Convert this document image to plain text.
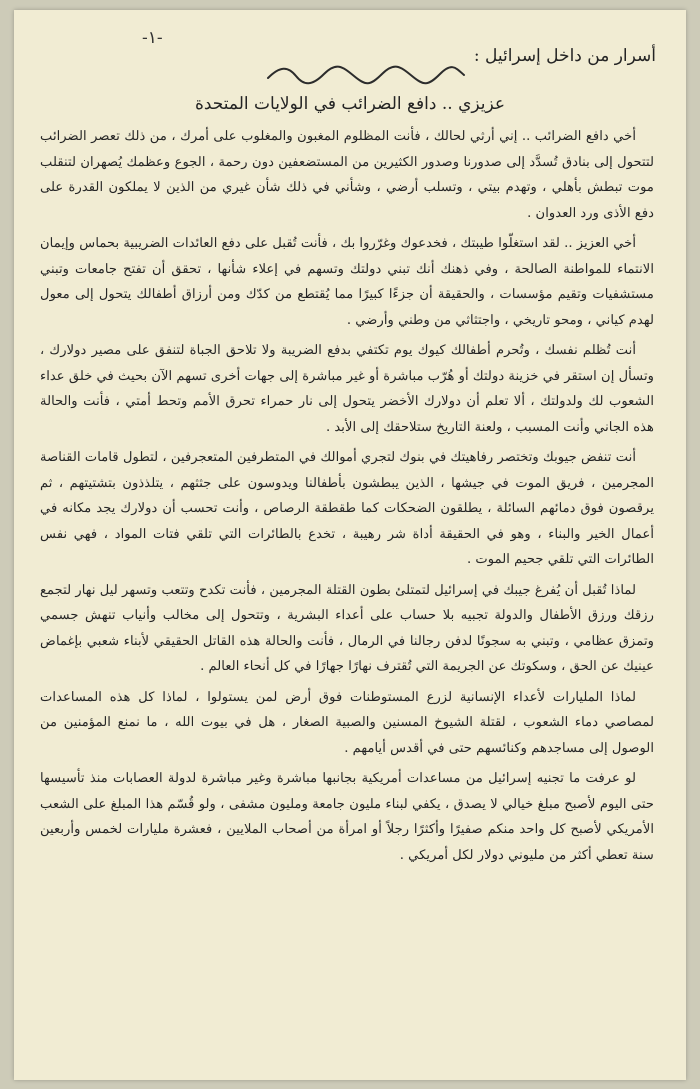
-١-
أسرار من داخل إسرائيل :
عزيزي .. دافع الضرائب في الولايات المتحدة

أخي دافع الضرائب .. إني أرثي لحالك ، فأنت المظلوم المغبون والمغلوب على أمرك ، من ذلك تعصر الضرائب لتتحول إلى بنادق تُسدَّد إلى صدورنا وصدور الكثيرين من المستضعفين دون رحمة ، الجوع وعظمك يُصهران لتنقلب موت تبطش بأهلي ، وتهدم بيتي ، وتسلب أرضي ، وشأني في ذلك شأن غيري من الذين لا يملكون القدرة على دفع الأذى ورد العدوان .

أخي العزيز .. لقد استغلّوا طيبتك ، فخدعوك وغرّروا بك ، فأنت تُقبل على دفع العائدات الضريبية بحماس وإيمان الانتماء للمواطنة الصالحة ، وفي ذهنك أنك تبني دولتك وتسهم في إعلاء شأنها ، تحقق أن تفتح جامعات وتبني مستشفيات وتقيم مؤسسات ، والحقيقة أن جزءًا كبيرًا مما يُقتطع من كدّك ومن أرزاق أطفالك يتحول إلى معول لهدم كياني ، ومحو تاريخي ، واجتثاثي من وطني وأرضي .

أنت تُظلم نفسك ، وتُحرم أطفالك كيوك يوم تكتفي بدفع الضريبة ولا تلاحق الجباة لتنفق على مصير دولارك ، وتسأل إن استقر في خزينة دولتك أو هُرّب مباشرة أو غير مباشرة إلى جهات أخرى تسهم الآن بحيث في خلق عداء الشعوب لك ولدولتك ، ألا تعلم أن دولارك الأخضر يتحول إلى نار حمراء تحرق الأمم وتحط أمتي ، فأنت والحالة هذه الجاني وأنت المسبب ، ولعنة التاريخ ستلاحقك إلى الأبد .

أنت تنفض جيوبك وتختصر رفاهيتك في بنوك لتجري أموالك في المتطرفين المتعجرفين ، لتطول قامات القناصة المجرمين ، فريق الموت في جيشها ، الذين يبطشون بأطفالنا ويدوسون على جثثهم ، يتلذذون بتشتيتهم ، ثم يرقصون فوق دمائهم السائلة ، يطلقون الضحكات كما طقطقة الرصاص ، وأنت تحسب أن دولارك يجد مكانه في أعمال الخير والبناء ، وهو في الحقيقة أداة شر رهيبة ، تخدع بالطائرات التي تلقي فتات المواد ، فهي نفس الطائرات التي تلقي جحيم الموت .

لماذا تُقبل أن يُفرغ جيبك في إسرائيل لتمتلئ بطون القتلة المجرمين ، فأنت تكدح وتتعب وتسهر ليل نهار لتجمع رزقك ورزق الأطفال والدولة تجبيه بلا حساب على أعداء البشرية ، وتتحول إلى مخالب وأنياب تنهش جسمي وتمزق عظامي ، وتبني به سجونًا لدفن رجالنا في الرمال ، فأنت والحالة هذه القاتل الحقيقي لأبناء شعبي بإغماض عينيك عن الحق ، وسكوتك عن الجريمة التي تُقترف نهارًا جهارًا في كل أنحاء العالم .

لماذا المليارات لأعداء الإنسانية لزرع المستوطنات فوق أرض لمن يستولوا ، لماذا كل هذه المساعدات لمصاصي دماء الشعوب ، لقتلة الشيوخ المسنين والصبية الصغار ، هل في بيوت الله ، ما نمنع المؤمنين من الوصول إلى مساجدهم وكنائسهم حتى في أقدس أيامهم .

لو عرفت ما تجنيه إسرائيل من مساعدات أمريكية بجانبها مباشرة وغير مباشرة لدولة العصابات منذ تأسيسها حتى اليوم لأصبح مبلغ خيالي لا يصدق ، يكفي لبناء مليون جامعة ومليون مشفى ، ولو قُسّم هذا المبلغ على الشعب الأمريكي لأصبح كل واحد منكم صفيرًا وأكثرًا رجلاً أو امرأة من أصحاب الملايين ، فعشرة مليارات لخمس وأربعين سنة تعطي أكثر من مليوني دولار لكل أمريكي .
